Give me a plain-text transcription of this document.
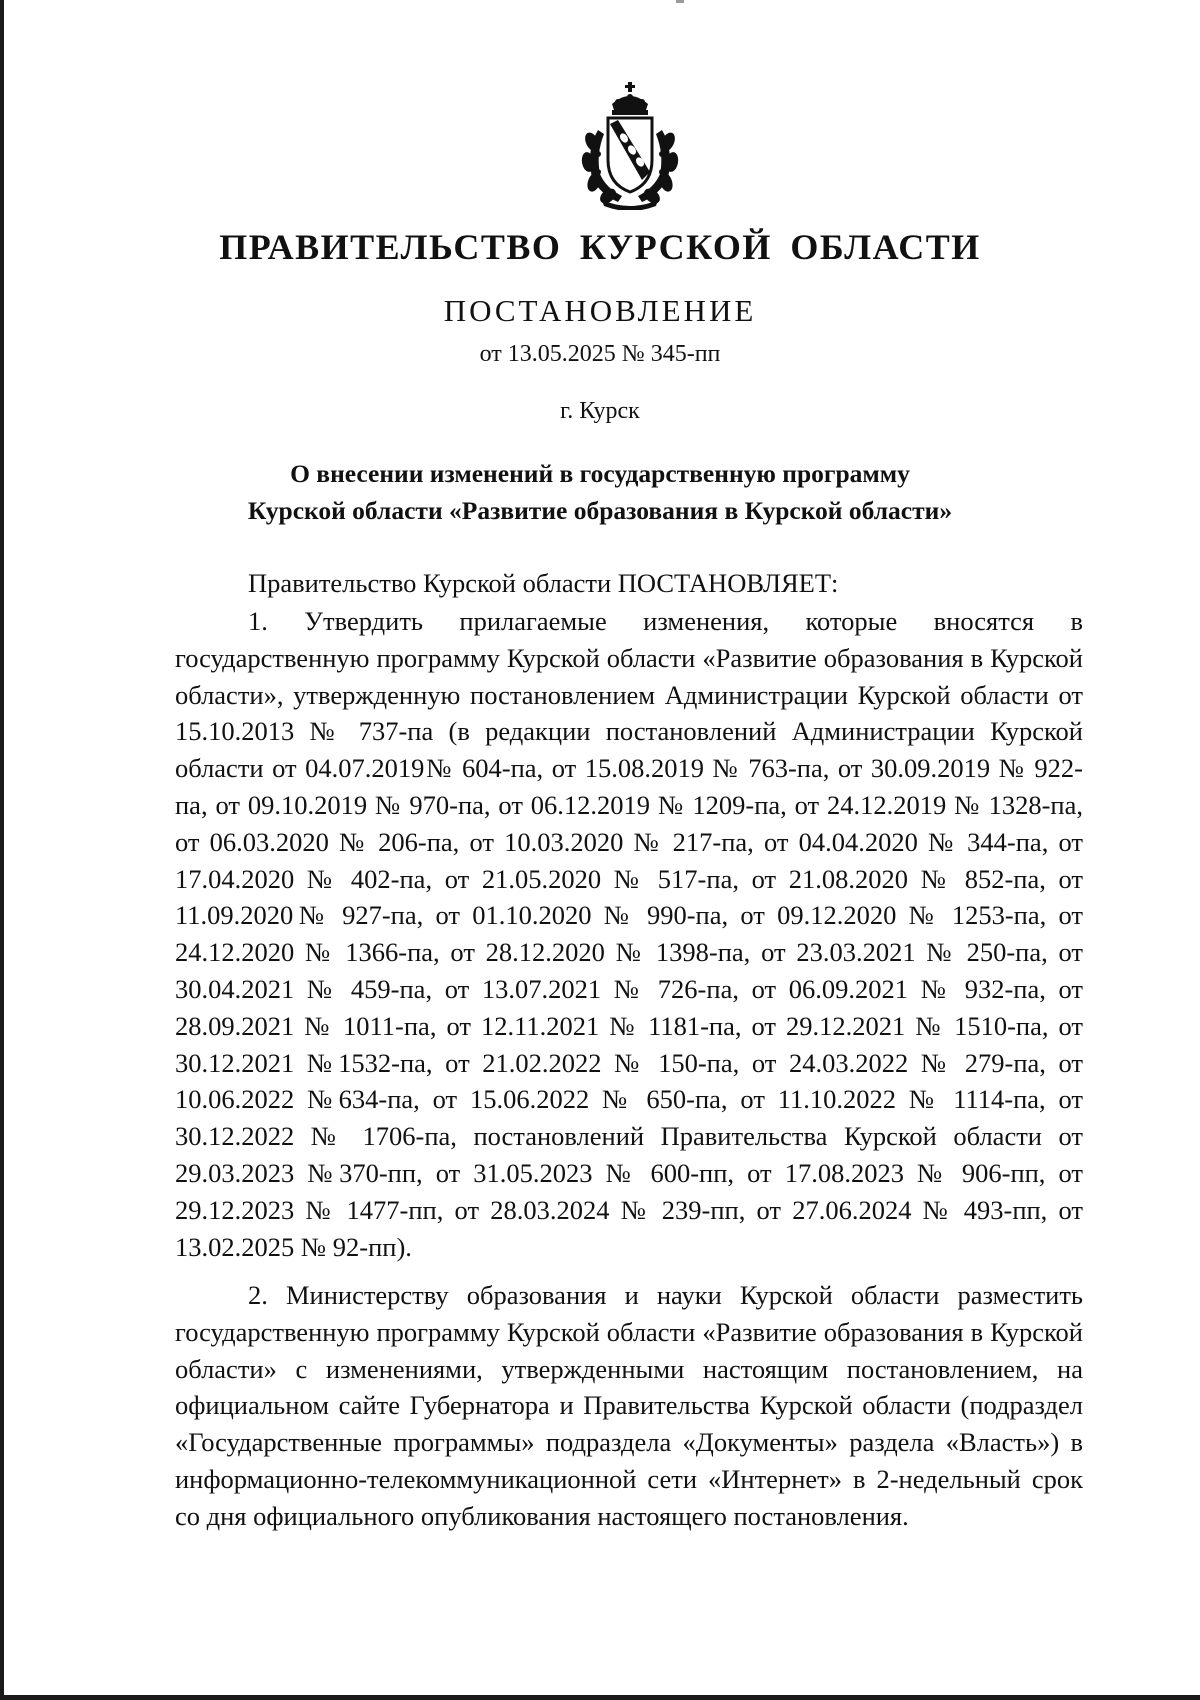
ПРАВИТЕЛЬСТВО КУРСКОЙ ОБЛАСТИ
ПОСТАНОВЛЕНИЕ
от 13.05.2025 № 345-пп
г. Курск
О внесении изменений в государственную программу
Курской области «Развитие образования в Курской области»
Правительство Курской области ПОСТАНОВЛЯЕТ:
1. Утвердить прилагаемые изменения, которые вносятся в государственную программу Курской области «Развитие образования в Курской области», утвержденную постановлением Администрации Курской области от 15.10.2013 № 737-па (в редакции постановлений Администрации Курской области от 04.07.2019№ 604-па, от 15.08.2019 № 763-па, от 30.09.2019 № 922-па, от 09.10.2019 № 970-па, от 06.12.2019 № 1209-па, от 24.12.2019 № 1328-па, от 06.03.2020 № 206-па, от 10.03.2020 № 217-па, от 04.04.2020 № 344-па, от 17.04.2020 № 402-па, от 21.05.2020 № 517-па, от 21.08.2020 № 852-па, от 11.09.2020№ 927-па, от 01.10.2020 № 990-па, от 09.12.2020 № 1253-па, от 24.12.2020 № 1366-па, от 28.12.2020 № 1398-па, от 23.03.2021 № 250-па, от 30.04.2021 № 459-па, от 13.07.2021 № 726-па, от 06.09.2021 № 932-па, от 28.09.2021 № 1011-па, от 12.11.2021 № 1181-па, от 29.12.2021 № 1510-па, от 30.12.2021 №1532-па, от 21.02.2022 № 150-па, от 24.03.2022 № 279-па, от 10.06.2022 №634-па, от 15.06.2022 № 650-па, от 11.10.2022 № 1114-па, от 30.12.2022 № 1706-па, постановлений Правительства Курской области от 29.03.2023 №370-пп, от 31.05.2023 № 600-пп, от 17.08.2023 № 906-пп, от 29.12.2023 № 1477-пп, от 28.03.2024 № 239-пп, от 27.06.2024 № 493-пп, от 13.02.2025 № 92-пп).
2. Министерству образования и науки Курской области разместить государственную программу Курской области «Развитие образования в Курской области» с изменениями, утвержденными настоящим постановлением, на официальном сайте Губернатора и Правительства Курской области (подраздел «Государственные программы» подраздела «Документы» раздела «Власть») в информационно-телекоммуникационной сети «Интернет» в 2-недельный срок со дня официального опубликования настоящего постановления.
